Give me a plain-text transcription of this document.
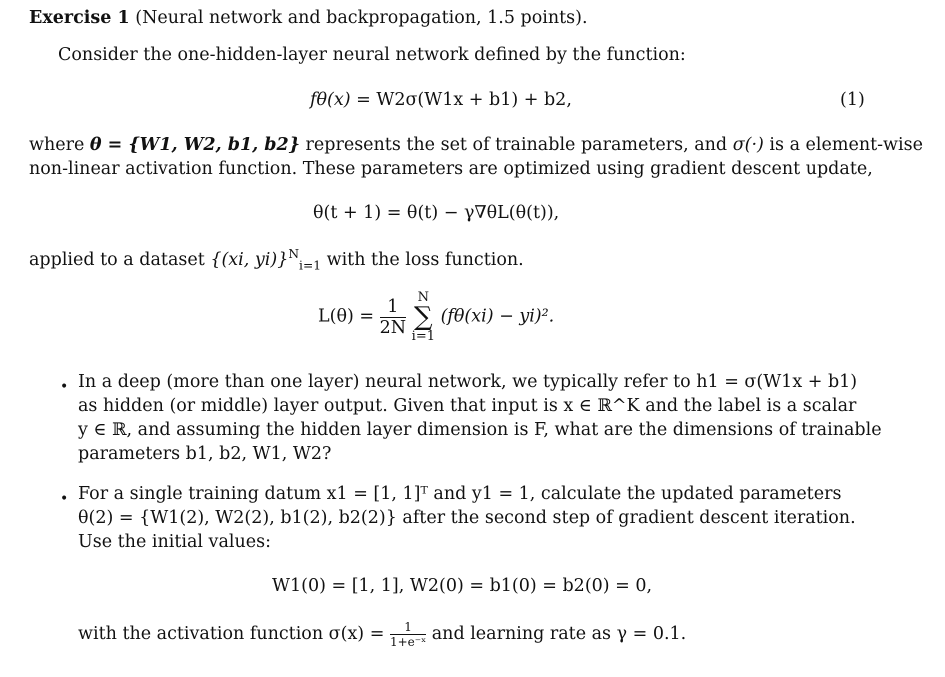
Exercise 1 (Neural network and backpropagation, 1.5 points).
Consider the one-hidden-layer neural network defined by the function:
fθ(x) = W2σ(W1x + b1) + b2,	(1)
where θ = {W1, W2, b1, b2} represents the set of trainable parameters, and σ(·) is a element-wise
non-linear activation function. These parameters are optimized using gradient descent update,
θ(t + 1) = θ(t) − γ∇θL(θ(t)),
applied to a dataset {(xi, yi)}$^N_{i=1}$ with the loss function.
$L(\theta) = \frac{1}{2N}$ N
∑
i=1 (fθ(xi) − yi)².
• In a deep (more than one layer) neural network, we typically refer to h1 = σ(W1x + b1)
as hidden (or middle) layer output. Given that input is x ∈ ℝ^K and the label is a scalar
y ∈ ℝ, and assuming the hidden layer dimension is F, what are the dimensions of trainable
parameters b1, b2, W1, W2?
• For a single training datum x1 = [1, 1]ᵀ and y1 = 1, calculate the updated parameters
θ(2) = {W1(2), W2(2), b1(2), b2(2)} after the second step of gradient descent iteration.
Use the initial values:
W1(0) = [1, 1], W2(0) = b1(0) = b2(0) = 0,
with the activation function $\sigma(x) = \frac{1}{\text{1+e⁻ˣ}}$ and learning rate as γ = 0.1.
